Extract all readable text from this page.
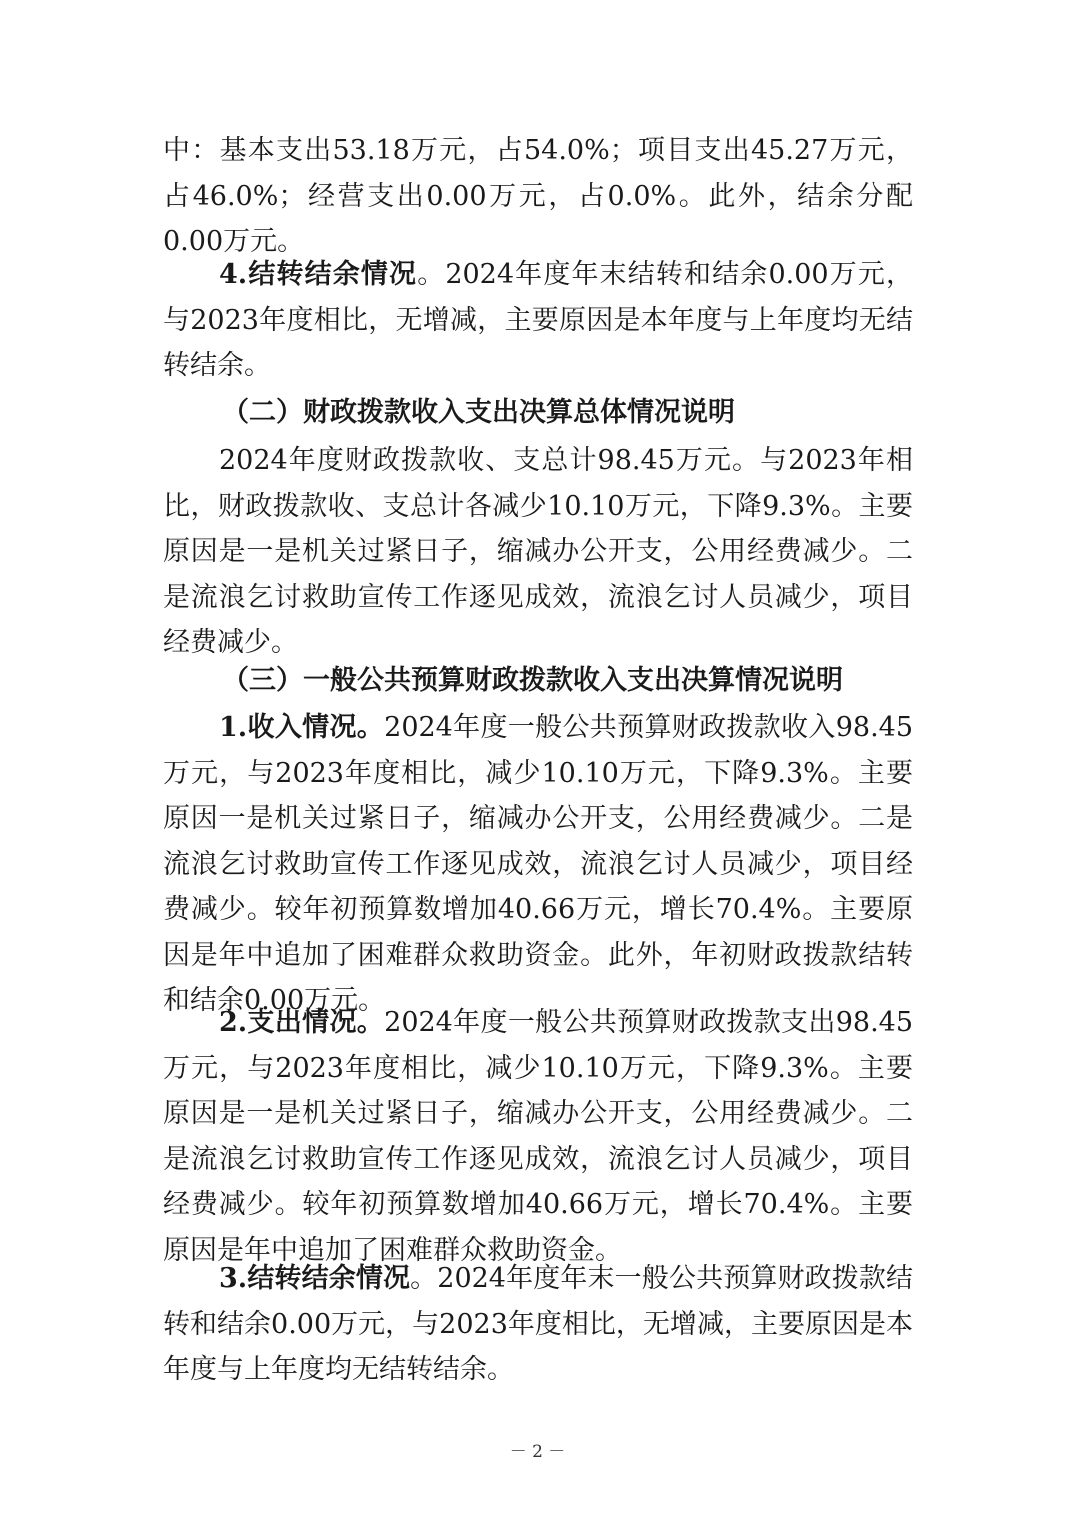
中：基本支出53.18万元，占54.0%；项目支出45.27万元，占46.0%；经营支出0.00万元，占0.0%。此外，结余分配0.00万元。

4.结转结余情况。2024年度年末结转和结余0.00万元，与2023年度相比，无增减，主要原因是本年度与上年度均无结转结余。

（二）财政拨款收入支出决算总体情况说明

2024年度财政拨款收、支总计98.45万元。与2023年相比，财政拨款收、支总计各减少10.10万元，下降9.3%。主要原因是一是机关过紧日子，缩减办公开支，公用经费减少。二是流浪乞讨救助宣传工作逐见成效，流浪乞讨人员减少，项目经费减少。

（三）一般公共预算财政拨款收入支出决算情况说明

1.收入情况。2024年度一般公共预算财政拨款收入98.45万元，与2023年度相比，减少10.10万元，下降9.3%。主要原因一是机关过紧日子，缩减办公开支，公用经费减少。二是流浪乞讨救助宣传工作逐见成效，流浪乞讨人员减少，项目经费减少。较年初预算数增加40.66万元，增长70.4%。主要原因是年中追加了困难群众救助资金。此外，年初财政拨款结转和结余0.00万元。

2.支出情况。2024年度一般公共预算财政拨款支出98.45万元，与2023年度相比，减少10.10万元，下降9.3%。主要原因是一是机关过紧日子，缩减办公开支，公用经费减少。二是流浪乞讨救助宣传工作逐见成效，流浪乞讨人员减少，项目经费减少。较年初预算数增加40.66万元，增长70.4%。主要原因是年中追加了困难群众救助资金。

3.结转结余情况。2024年度年末一般公共预算财政拨款结转和结余0.00万元，与2023年度相比，无增减，主要原因是本年度与上年度均无结转结余。

－ 2 －
